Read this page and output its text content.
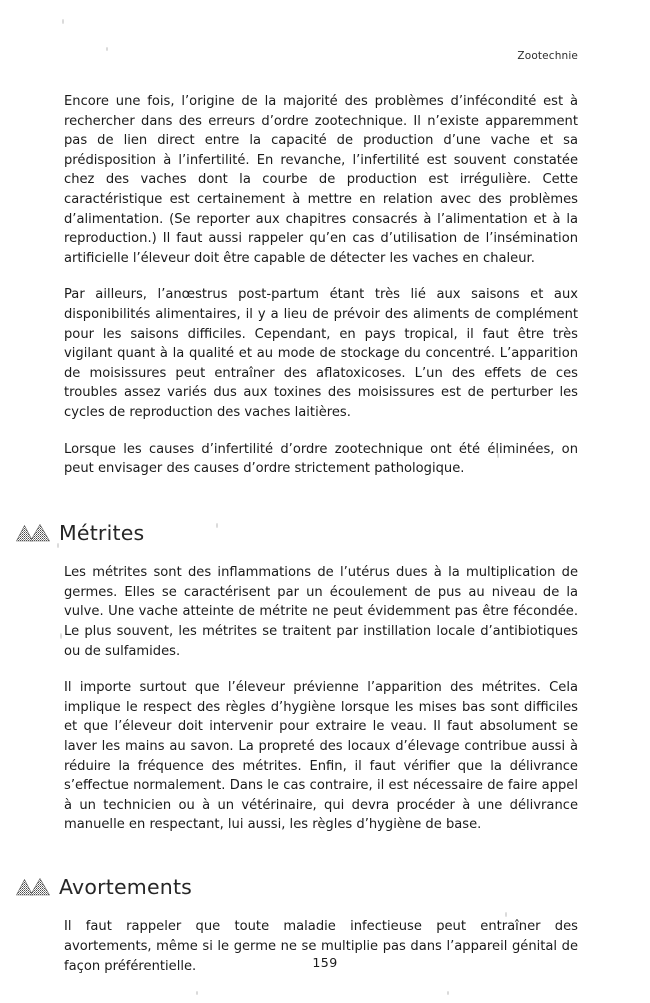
Zootechnie

Encore une fois, l’origine de la majorité des problèmes d’infécondité est à rechercher dans des erreurs d’ordre zootechnique. Il n’existe apparemment pas de lien direct entre la capacité de production d’une vache et sa prédisposition à l’infertilité. En revanche, l’infertilité est souvent constatée chez des vaches dont la courbe de production est irrégulière. Cette caractéristique est certainement à mettre en relation avec des problèmes d’alimentation. (Se reporter aux chapitres consacrés à l’alimentation et à la reproduction.) Il faut aussi rappeler qu’en cas d’utilisation de l’insémination artificielle l’éleveur doit être capable de détecter les vaches en chaleur.

Par ailleurs, l’anœstrus post-partum étant très lié aux saisons et aux disponibilités alimentaires, il y a lieu de prévoir des aliments de complément pour les saisons difficiles. Cependant, en pays tropical, il faut être très vigilant quant à la qualité et au mode de stockage du concentré. L’apparition de moisissures peut entraîner des aflatoxicoses. L’un des effets de ces troubles assez variés dus aux toxines des moisissures est de perturber les cycles de reproduction des vaches laitières.

Lorsque les causes d’infertilité d’ordre zootechnique ont été éliminées, on peut envisager des causes d’ordre strictement pathologique.

Métrites

Les métrites sont des inflammations de l’utérus dues à la multiplication de germes. Elles se caractérisent par un écoulement de pus au niveau de la vulve. Une vache atteinte de métrite ne peut évidemment pas être fécondée. Le plus souvent, les métrites se traitent par instillation locale d’antibiotiques ou de sulfamides.

Il importe surtout que l’éleveur prévienne l’apparition des métrites. Cela implique le respect des règles d’hygiène lorsque les mises bas sont difficiles et que l’éleveur doit intervenir pour extraire le veau. Il faut absolument se laver les mains au savon. La propreté des locaux d’élevage contribue aussi à réduire la fréquence des métrites. Enfin, il faut vérifier que la délivrance s’effectue normalement. Dans le cas contraire, il est nécessaire de faire appel à un technicien ou à un vétérinaire, qui devra procéder à une délivrance manuelle en respectant, lui aussi, les règles d’hygiène de base.

Avortements

Il faut rappeler que toute maladie infectieuse peut entraîner des avortements, même si le germe ne se multiplie pas dans l’appareil génital de façon préférentielle.	159
